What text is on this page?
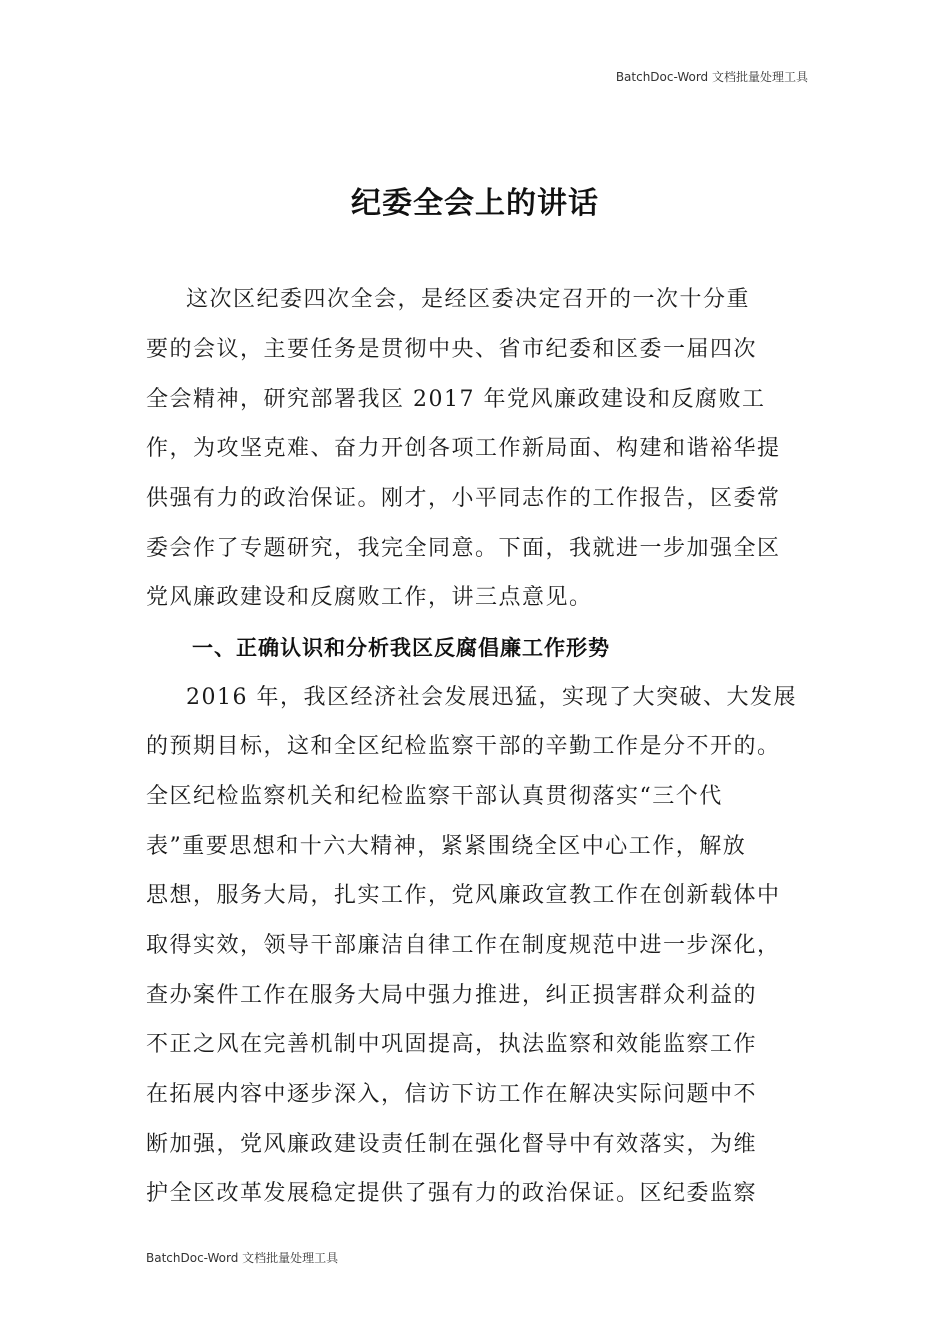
BatchDoc-Word 文档批量处理工具
纪委全会上的讲话
这次区纪委四次全会，是经区委决定召开的一次十分重
要的会议，主要任务是贯彻中央、省市纪委和区委一届四次
全会精神，研究部署我区 2017 年党风廉政建设和反腐败工
作，为攻坚克难、奋力开创各项工作新局面、构建和谐裕华提
供强有力的政治保证。刚才，小平同志作的工作报告，区委常
委会作了专题研究，我完全同意。下面，我就进一步加强全区
党风廉政建设和反腐败工作，讲三点意见。
一、正确认识和分析我区反腐倡廉工作形势
2016 年，我区经济社会发展迅猛，实现了大突破、大发展
的预期目标，这和全区纪检监察干部的辛勤工作是分不开的。
全区纪检监察机关和纪检监察干部认真贯彻落实“三个代
表”重要思想和十六大精神，紧紧围绕全区中心工作，解放
思想，服务大局，扎实工作，党风廉政宣教工作在创新载体中
取得实效，领导干部廉洁自律工作在制度规范中进一步深化，
查办案件工作在服务大局中强力推进，纠正损害群众利益的
不正之风在完善机制中巩固提高，执法监察和效能监察工作
在拓展内容中逐步深入，信访下访工作在解决实际问题中不
断加强，党风廉政建设责任制在强化督导中有效落实，为维
护全区改革发展稳定提供了强有力的政治保证。区纪委监察
BatchDoc-Word 文档批量处理工具
